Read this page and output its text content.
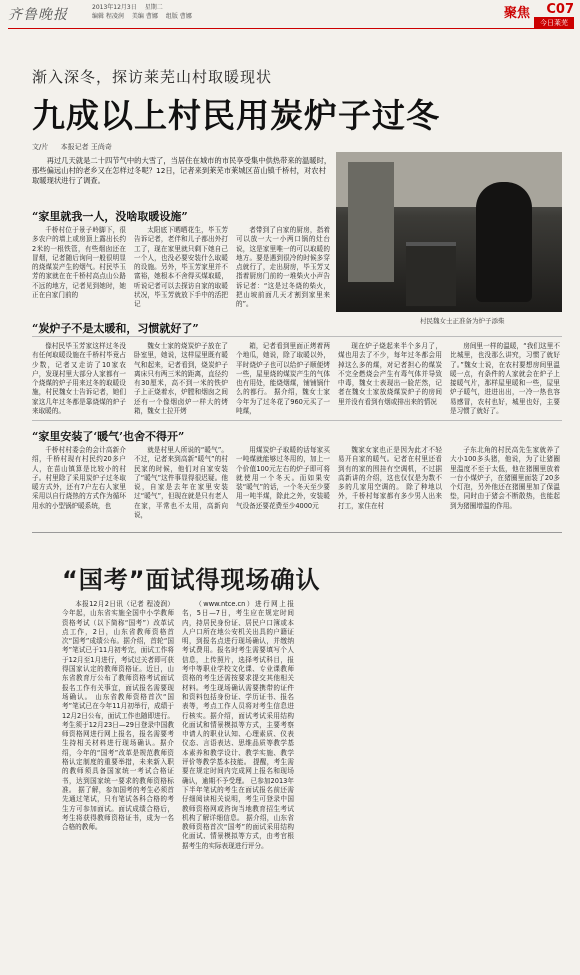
齐鲁晚报	2013年12月3日 星期二
编辑 程凌润 美编 曹娜 组版 曹娜	聚焦 C07
今日莱芜
渐入深冬，探访莱芜山村取暖现状
九成以上村民用炭炉子过冬
文/片 本报记者 王尚奇

再过几天就是二十四节气中的大雪了，当居住在城市的市民享受集中供热带来的温暖时，那些偏远山村的老乡又在怎样过冬呢？12日，记者来到莱芜市莱城区苗山镇千桥村，对农村取暖现状进行了调查。

村民魏女士正准备为炉子添柴
“家里就我一人，没啥取暖设施”

千桥村位于景子岭脚下，很多农户的墙上或房顶上露出长约2米的一根铁管，有些烟囱还在冒烟，记者随后询问一般很明显的烧煤炭产生的烟气。村民毕玉芳的家就在在千桥村高点山公路不远的地方，记者见到她时，她正在自家门前的

太阳底下晒晒花生，毕玉芳告诉记者，老伴和儿子都出外打工了，现在家里就只剩下她自己一个人，也没必要安装什么取暖的设施。另外，毕玉芳家里并不富裕，她根本不舍得买煤取暖，听说记者可以去探访自家的取暖状况，毕玉芳就放下手中的活把记

者带到了自家的厨房，指着可以放一大一小两口锅的灶台说，这是家里唯一的可以取暖的地方。要是遇到很冷的时候多穿点就行了，走出厨房，毕玉芳又指着厨房门前的一堆柴火小声告诉记者：“这是过冬烧的柴火，把山坡前面几天才割到家里来的”。

“炭炉子不是太暖和，习惯就好了”

像村民毕玉芳家这样过冬没有任何取暖设施在千桥村毕竟占少数，记者又走访了10家农户，发现村里大部分人家都有一个烧煤的炉子用来过冬的取暖设施，村民魏女士告诉记者，她们家这几年过冬都是靠烧煤的炉子来取暖的。

魏女士家的烧炭炉子放在了卧室里，她说，这样屋里既有暖气和起来，记者看到，烧炭炉子离床只有两三米的距离，直径约有30厘米，高不到一米的铁炉子上正烧着水，炉膛和烟囱之间还有一个像烟卤炉一样大的烤箱，魏女士拉开烤

箱，记者看到里面正烤着两个地瓜，她说，除了取暖以外，平时烧炉子也可以给炉子顺便烤一些，屋里烧的煤炭产生的气体也有用处，能烧烟煤，铺铺锅什么的都行。 据介绍，魏女士家今年为了过冬花了960元买了一吨煤，

现在炉子烧起来半个多月了，煤也用去了不少，每年过冬都会用掉这么多的煤，对记者担心的煤炭不完全燃烧会产生有毒气体并导致中毒，魏女士表现出一脸茫然，记者在魏女士家放烧煤炭炉子的房间里并没有看到有烟或排出来的情况

房间里一样的温暖，“我们这里不比城里，也没那么讲究，习惯了就好了。”魏女士说，在农村要想房间里温暖一点，有条件的人家就会在炉子上接暖气片，那样屋里暖和一些，屋里炉子暖气，进进出出，一冷一热也容易感冒，农村也好，城里也好，主要是习惯了就好了。

“家里安装了‘暖气’也舍不得开”

千桥村村委会的会计高新介绍，千桥村现有村民约20多户人，在苗山镇算是比较小的村子。村里除了采用炭炉子过冬取暖方式外，还有7户左右人家里采用以自行烧热的方式作为循环用水的小型锅炉暖系统，也

就是村里人所说的“暖气”。不过，记者来到高新“暖气”的村民家的时候，他们对自家安装了“暖气”这件事显得很迟疑。他说，自家是去年在家里安装过“暖气”，但现在就是只有老人在家，平常也不太用，高新向说，

用煤炭炉子取暖的话每家买一吨煤就能够过冬用的，加上一个价值100元左右的炉子即可将就使用一个冬天。而如果安装“暖气”的话，一个冬天至少要用一吨半煤，除此之外，安装暖气设备还要花费至少4000元

魏家女家也正是因为此才不轻易开自家的暖气。记者在村里还看到有的家的围挂有空调机，不过据高新讲的介绍，这也仅仅是为数不多的几家用空调的。 除了种地以外，千桥村每家都有多少男人出来打工，家住在村

子东北角的村民高先生家就养了大小100多头猪，他说，为了让猪圈里温度不至于太低，他在猪圈里放着一台小煤炉子，在猪圈里面装了20多个灯泡，另外他还在猪圈里加了保温垫，同时由于猪会不断散热，也能起到为猪圈增温的作用。

“国考”面试得现场确认

本报12月2日讯（记者 程凌润） 今年起，山东省实施全国中小学教师资格考试（以下简称“国考”）改革试点工作，2日，山东省教师资格首次“国考”成绩公布。据介绍，首轮“国考”笔试已于11月初考完，面试工作将于12月至1月进行，考试过关者即可获得国家认定的教师资格证。近日，山东省教育厅公布了教师资格考试面试报名工作有关事宜，面试报名需要现场确认。 山东省教师资格首次“国考”笔试已在今年11月初举行，成绩于12月2日公布，面试工作也随即进行。考生须于12月23日—29日登录中国教师资格网进行网上报名，报名需要考生持相关材料进行现场确认。据介绍，今年的“国考”改革是规范教师资格认定制度的重要举措，未来新入职的教师须具备国家统一考试合格证书，达到国家统一要求的教师资格标准。 据了解，参加国考的考生必须首先通过笔试，只有笔试各科合格的考生方可参加面试。面试成绩合格后，考生将获得教师资格证书，成为一名合格的教师。

（www.ntce.cn）进行网上报名，5日—7日，考生应在规定时间内，持居民身份证、居民户口簿或本人户口所在地公安机关出具的户籍证明，到报名点进行现场确认，并缴纳考试费用。报名时考生需要填写个人信息，上传照片，选择考试科目，报考中等职业学校文化课、专业课教师资格的考生还需按要求提交其他相关材料。考生现场确认需要携带的证件和资料包括身份证、学历证书、报名表等，考点工作人员将对考生信息进行核实。据介绍，面试考试采用结构化面试和情景模拟等方式，主要考察申请人的职业认知、心理素质、仪表仪态、言语表达、思维品质等教学基本素养和教学设计、教学实施、教学评价等教学基本技能。 提醒，考生需要在规定时间内完成网上报名和现场确认，逾期不予受理。 已参加2013年下半年笔试的考生在面试报名前还需仔细阅读相关说明，考生可登录中国教师资格网或咨询当地教育招生考试机构了解详细信息。 据介绍，山东省教师资格首次“国考”的面试采用结构化面试、情景模拟等方式，由考官根据考生的实际表现进行评分。
